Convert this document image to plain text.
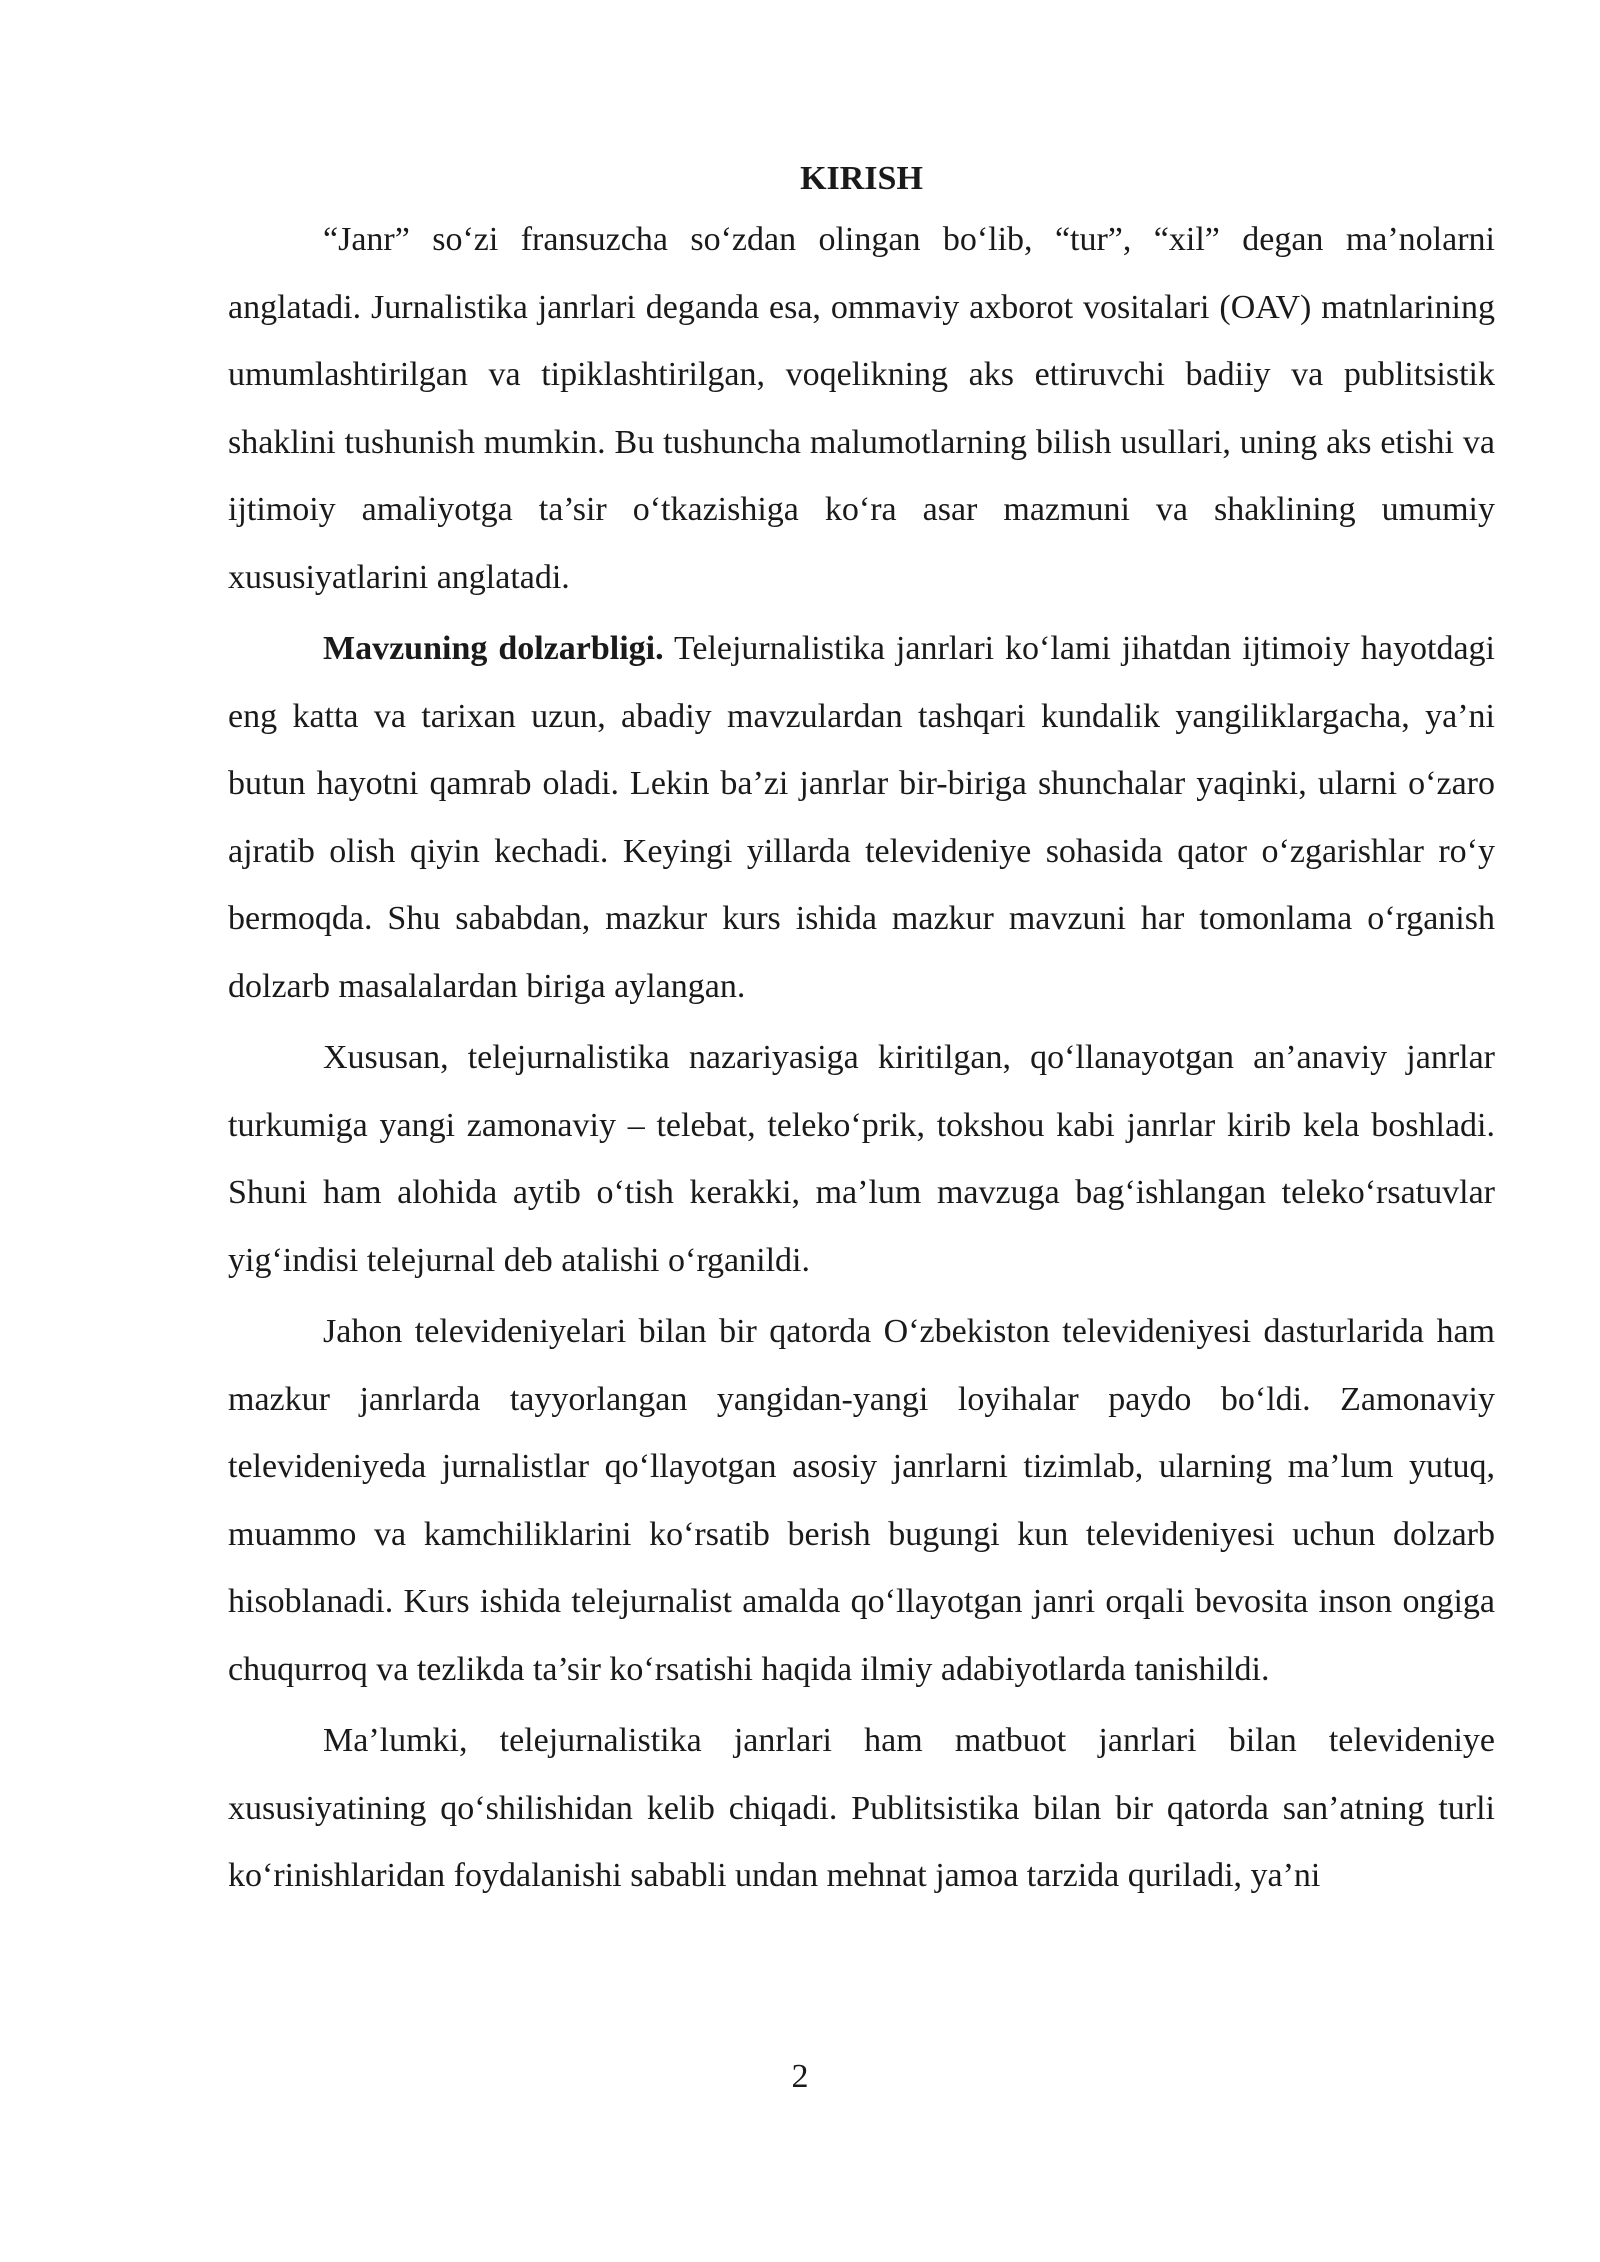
KIRISH

“Janr” so‘zi fransuzcha so‘zdan olingan bo‘lib, “tur”, “xil” degan ma’nolarni anglatadi. Jurnalistika janrlari deganda esa, ommaviy axborot vositalari (OAV) matnlarining umumlashtirilgan va tipiklashtirilgan, voqelikning aks ettiruvchi badiiy va publitsistik shaklini tushunish mumkin. Bu tushuncha malumotlarning bilish usullari, uning aks etishi va ijtimoiy amaliyotga ta’sir o‘tkazishiga ko‘ra asar mazmuni va shaklining umumiy xususiyatlarini anglatadi.

Mavzuning dolzarbligi. Telejurnalistika janrlari ko‘lami jihatdan ijtimoiy hayotdagi eng katta va tarixan uzun, abadiy mavzulardan tashqari kundalik yangiliklargacha, ya’ni butun hayotni qamrab oladi. Lekin ba’zi janrlar bir-biriga shunchalar yaqinki, ularni o‘zaro ajratib olish qiyin kechadi. Keyingi yillarda televideniye sohasida qator o‘zgarishlar ro‘y bermoqda. Shu sababdan, mazkur kurs ishida mazkur mavzuni har tomonlama o‘rganish dolzarb masalalardan biriga aylangan.

Xususan, telejurnalistika nazariyasiga kiritilgan, qo‘llanayotgan an’anaviy janrlar turkumiga yangi zamonaviy – telebat, teleko‘prik, tokshou kabi janrlar kirib kela boshladi. Shuni ham alohida aytib o‘tish kerakki, ma’lum mavzuga bag‘ishlangan teleko‘rsatuvlar yig‘indisi telejurnal deb atalishi o‘rganildi.

Jahon televideniyelari bilan bir qatorda O‘zbekiston televideniyesi dasturlarida ham mazkur janrlarda tayyorlangan yangidan-yangi loyihalar paydo bo‘ldi. Zamonaviy televideniyeda jurnalistlar qo‘llayotgan asosiy janrlarni tizimlab, ularning ma’lum yutuq, muammo va kamchiliklarini ko‘rsatib berish bugungi kun televideniyesi uchun dolzarb hisoblanadi. Kurs ishida telejurnalist amalda qo‘llayotgan janri orqali bevosita inson ongiga chuqurroq va tezlikda ta’sir ko‘rsatishi haqida ilmiy adabiyotlarda tanishildi.

Ma’lumki, telejurnalistika janrlari ham matbuot janrlari bilan televideniye xususiyatining qo‘shilishidan kelib chiqadi. Publitsistika bilan bir qatorda san’atning turli ko‘rinishlaridan foydalanishi sababli undan mehnat jamoa tarzida quriladi, ya’ni

2
